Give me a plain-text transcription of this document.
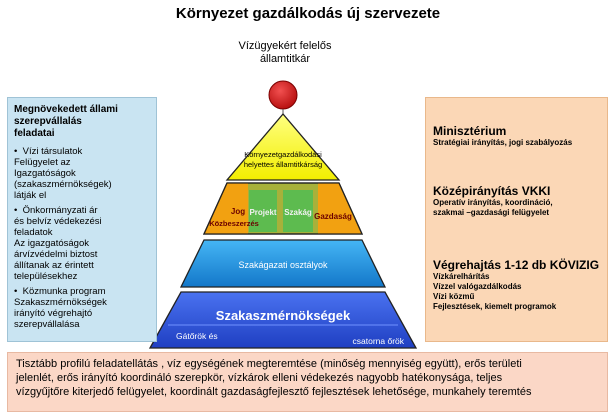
Környezet gazdálkodás új szervezete
Vízügyekért felelős
államtitkár
Környezetgazdálkodási
helyettes államtitkárság
Jog
Közbeszerzés
Projekt Szakág Gazdaság
Szakágazati osztályok
Szakaszmérnökségek
Gátőrök és	csatorna őrök
Megnövekedett állami
szerepvállalás
feladatai
•  Vízi társulatok
Felügyelet az
Igazgatóságok
(szakaszmérnökségek)
látják el
•  Önkormányzati ár
és belvíz védekezési
feladatok
Az igazgatóságok
árvízvédelmi biztost
állítanak az érintett
településekhez
•  Közmunka program
Szakaszmérnökségek
irányító végrehajtó
szerepvállalása
Minisztérium
Stratégiai irányítás, jogi szabályozás
Középirányítás VKKI
Operatív irányítás, koordináció,
szakmai –gazdasági felügyelet
Végrehajtás 1-12 db KÖVIZIG
Vízkárelhárítás
Vízzel valógazdálkodás
Vízi közmű
Fejlesztések, kiemelt programok
Tisztább profilú feladatellátás , víz egységének megteremtése (minőség mennyiség együtt), erős területi
jelenlét, erős irányító koordináló szerepkör, vízkárok elleni védekezés nagyobb hatékonysága, teljes
vízgyűjtőre kiterjedő felügyelet, koordinált gazdaságfejlesztő fejlesztések lehetősége, munkahely teremtés
